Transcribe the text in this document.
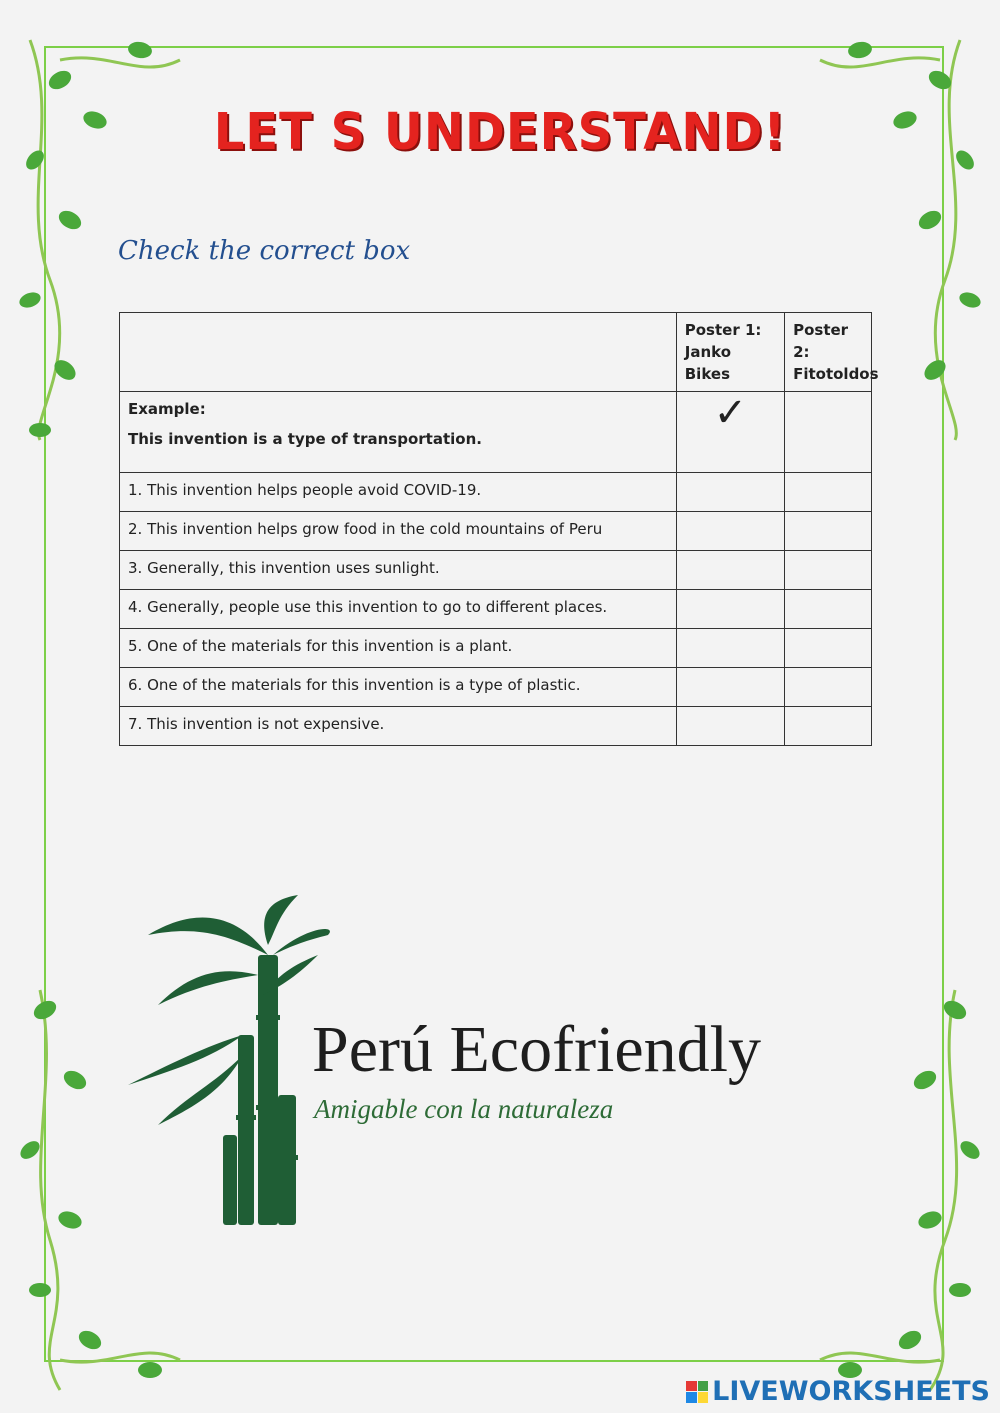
LET S UNDERSTAND!
Check the correct box
	Poster 1: Janko Bikes	Poster 2: Fitotoldos

Example:
This invention is a type of transportation.	✓	
1. This invention helps people avoid COVID-19.		
2. This invention helps grow food in the cold mountains of Peru		
3. Generally, this invention uses sunlight.		
4. Generally, people use this invention to go to different places.		
5. One of the materials for this invention is a plant.		
6. One of the materials for this invention is a type of plastic.		
7. This invention is not expensive.		
Perú Ecofriendly
Amigable con la naturaleza
LIVEWORKSHEETS
